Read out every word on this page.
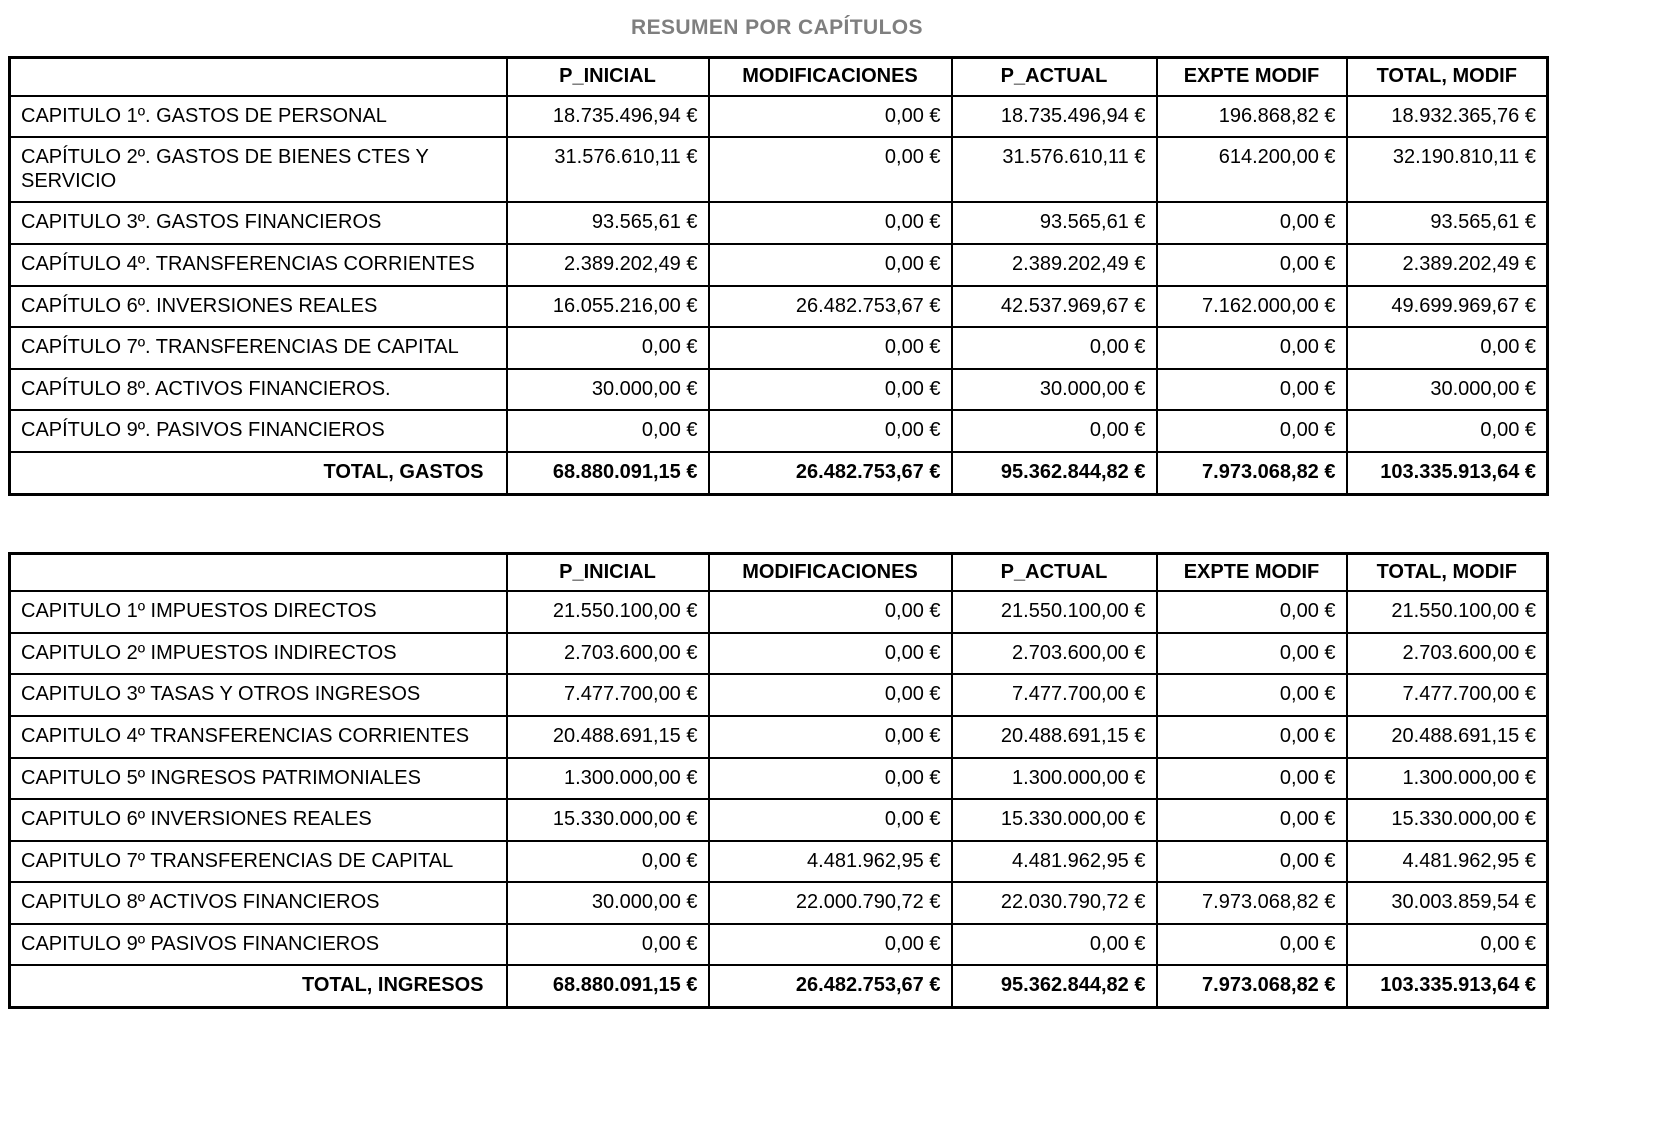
RESUMEN POR CAPÍTULOS
	P_INICIAL	MODIFICACIONES	P_ACTUAL	EXPTE MODIF	TOTAL, MODIF
CAPITULO 1º. GASTOS DE PERSONAL	18.735.496,94 €	0,00 €	18.735.496,94 €	196.868,82 €	18.932.365,76 €
CAPÍTULO 2º. GASTOS DE BIENES CTES Y SERVICIO	31.576.610,11 €	0,00 €	31.576.610,11 €	614.200,00 €	32.190.810,11 €
CAPITULO 3º. GASTOS FINANCIEROS	93.565,61 €	0,00 €	93.565,61 €	0,00 €	93.565,61 €
CAPÍTULO 4º. TRANSFERENCIAS CORRIENTES	2.389.202,49 €	0,00 €	2.389.202,49 €	0,00 €	2.389.202,49 €
CAPÍTULO 6º. INVERSIONES REALES	16.055.216,00 €	26.482.753,67 €	42.537.969,67 €	7.162.000,00 €	49.699.969,67 €
CAPÍTULO 7º. TRANSFERENCIAS DE CAPITAL	0,00 €	0,00 €	0,00 €	0,00 €	0,00 €
CAPÍTULO 8º. ACTIVOS FINANCIEROS.	30.000,00 €	0,00 €	30.000,00 €	0,00 €	30.000,00 €
CAPÍTULO 9º. PASIVOS FINANCIEROS	0,00 €	0,00 €	0,00 €	0,00 €	0,00 €
TOTAL, GASTOS	68.880.091,15 €	26.482.753,67 €	95.362.844,82 €	7.973.068,82 €	103.335.913,64 €
	P_INICIAL	MODIFICACIONES	P_ACTUAL	EXPTE MODIF	TOTAL, MODIF
CAPITULO 1º IMPUESTOS DIRECTOS	21.550.100,00 €	0,00 €	21.550.100,00 €	0,00 €	21.550.100,00 €
CAPITULO 2º IMPUESTOS INDIRECTOS	2.703.600,00 €	0,00 €	2.703.600,00 €	0,00 €	2.703.600,00 €
CAPITULO 3º TASAS Y OTROS INGRESOS	7.477.700,00 €	0,00 €	7.477.700,00 €	0,00 €	7.477.700,00 €
CAPITULO 4º TRANSFERENCIAS CORRIENTES	20.488.691,15 €	0,00 €	20.488.691,15 €	0,00 €	20.488.691,15 €
CAPITULO 5º INGRESOS PATRIMONIALES	1.300.000,00 €	0,00 €	1.300.000,00 €	0,00 €	1.300.000,00 €
CAPITULO 6º INVERSIONES REALES	15.330.000,00 €	0,00 €	15.330.000,00 €	0,00 €	15.330.000,00 €
CAPITULO 7º TRANSFERENCIAS DE CAPITAL	0,00 €	4.481.962,95 €	4.481.962,95 €	0,00 €	4.481.962,95 €
CAPITULO 8º ACTIVOS FINANCIEROS	30.000,00 €	22.000.790,72 €	22.030.790,72 €	7.973.068,82 €	30.003.859,54 €
CAPITULO 9º PASIVOS FINANCIEROS	0,00 €	0,00 €	0,00 €	0,00 €	0,00 €
TOTAL, INGRESOS	68.880.091,15 €	26.482.753,67 €	95.362.844,82 €	7.973.068,82 €	103.335.913,64 €
